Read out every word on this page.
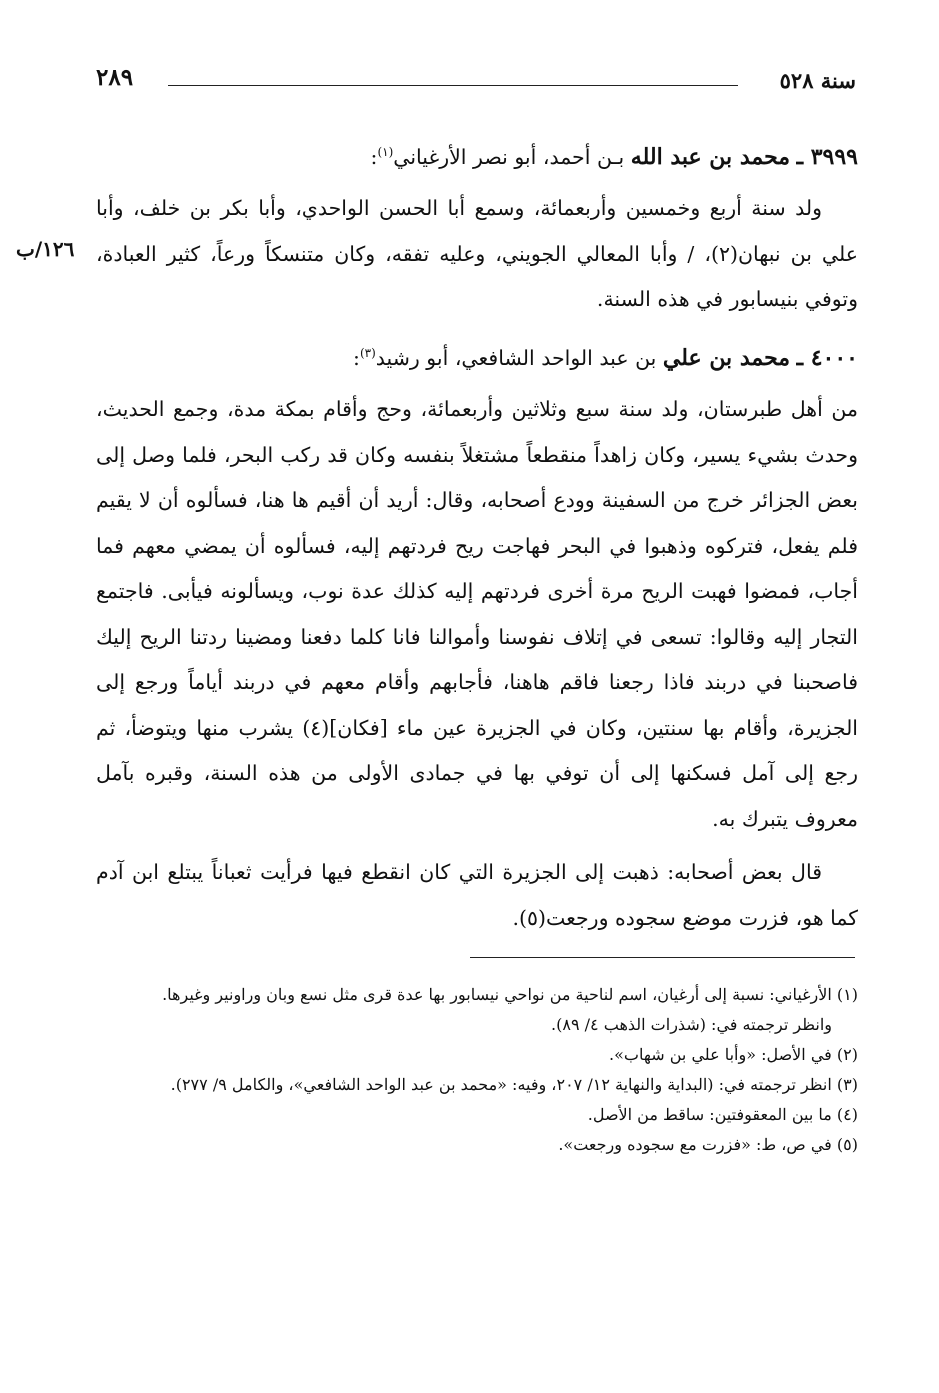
سنة ٥٢٨
٢٨٩
١٢٦/ب

٣٩٩٩ ـ محمد بن عبد الله بـن أحمد، أبو نصر الأرغياني$^{(١)}$:

ولد سنة أربع وخمسين وأربعمائة، وسمع أبا الحسن الواحدي، وأبا بكر بن خلف، وأبا علي بن نبهان(٢)، / وأبا المعالي الجويني، وعليه تفقه، وكان متنسكاً ورعاً، كثير العبادة، وتوفي بنيسابور في هذه السنة.

٤٠٠٠ ـ محمد بن علي بن عبد الواحد الشافعي، أبو رشيد$^{(٣)}$:

من أهل طبرستان، ولد سنة سبع وثلاثين وأربعمائة، وحج وأقام بمكة مدة، وجمع الحديث، وحدث بشيء يسير، وكان زاهداً منقطعاً مشتغلاً بنفسه وكان قد ركب البحر، فلما وصل إلى بعض الجزائر خرج من السفينة وودع أصحابه، وقال: أريد أن أقيم ها هنا، فسألوه أن لا يقيم فلم يفعل، فتركوه وذهبوا في البحر فهاجت ريح فردتهم إليه، فسألوه أن يمضي معهم فما أجاب، فمضوا فهبت الريح مرة أخرى فردتهم إليه كذلك عدة نوب، ويسألونه فيأبى. فاجتمع التجار إليه وقالوا: تسعى في إتلاف نفوسنا وأموالنا فانا كلما دفعنا ومضينا ردتنا الريح إليك فاصحبنا في دربند فاذا رجعنا فاقم هاهنا، فأجابهم وأقام معهم في دربند أياماً ورجع إلى الجزيرة، وأقام بها سنتين، وكان في الجزيرة عين ماء [فكان](٤) يشرب منها ويتوضأ، ثم رجع إلى آمل فسكنها إلى أن توفي بها في جمادى الأولى من هذه السنة، وقبره بآمل معروف يتبرك به.

قال بعض أصحابه: ذهبت إلى الجزيرة التي كان انقطع فيها فرأيت ثعباناً يبتلع ابن آدم كما هو، فزرت موضع سجوده ورجعت(٥).

(١) الأرغياني: نسبة إلى أرغيان، اسم لناحية من نواحي نيسابور بها عدة قرى مثل نسع وبان وراونير وغيرها.

وانظر ترجمته في: (شذرات الذهب ٤/ ٨٩).

(٢) في الأصل: «وأبا علي بن شهاب».

(٣) انظر ترجمته في: (البداية والنهاية ١٢/ ٢٠٧، وفيه: «محمد بن عبد الواحد الشافعي»، والكامل ٩/ ٢٧٧).

(٤) ما بين المعقوفتين: ساقط من الأصل.

(٥) في ص، ط: «فزرت مع سجوده ورجعت».
